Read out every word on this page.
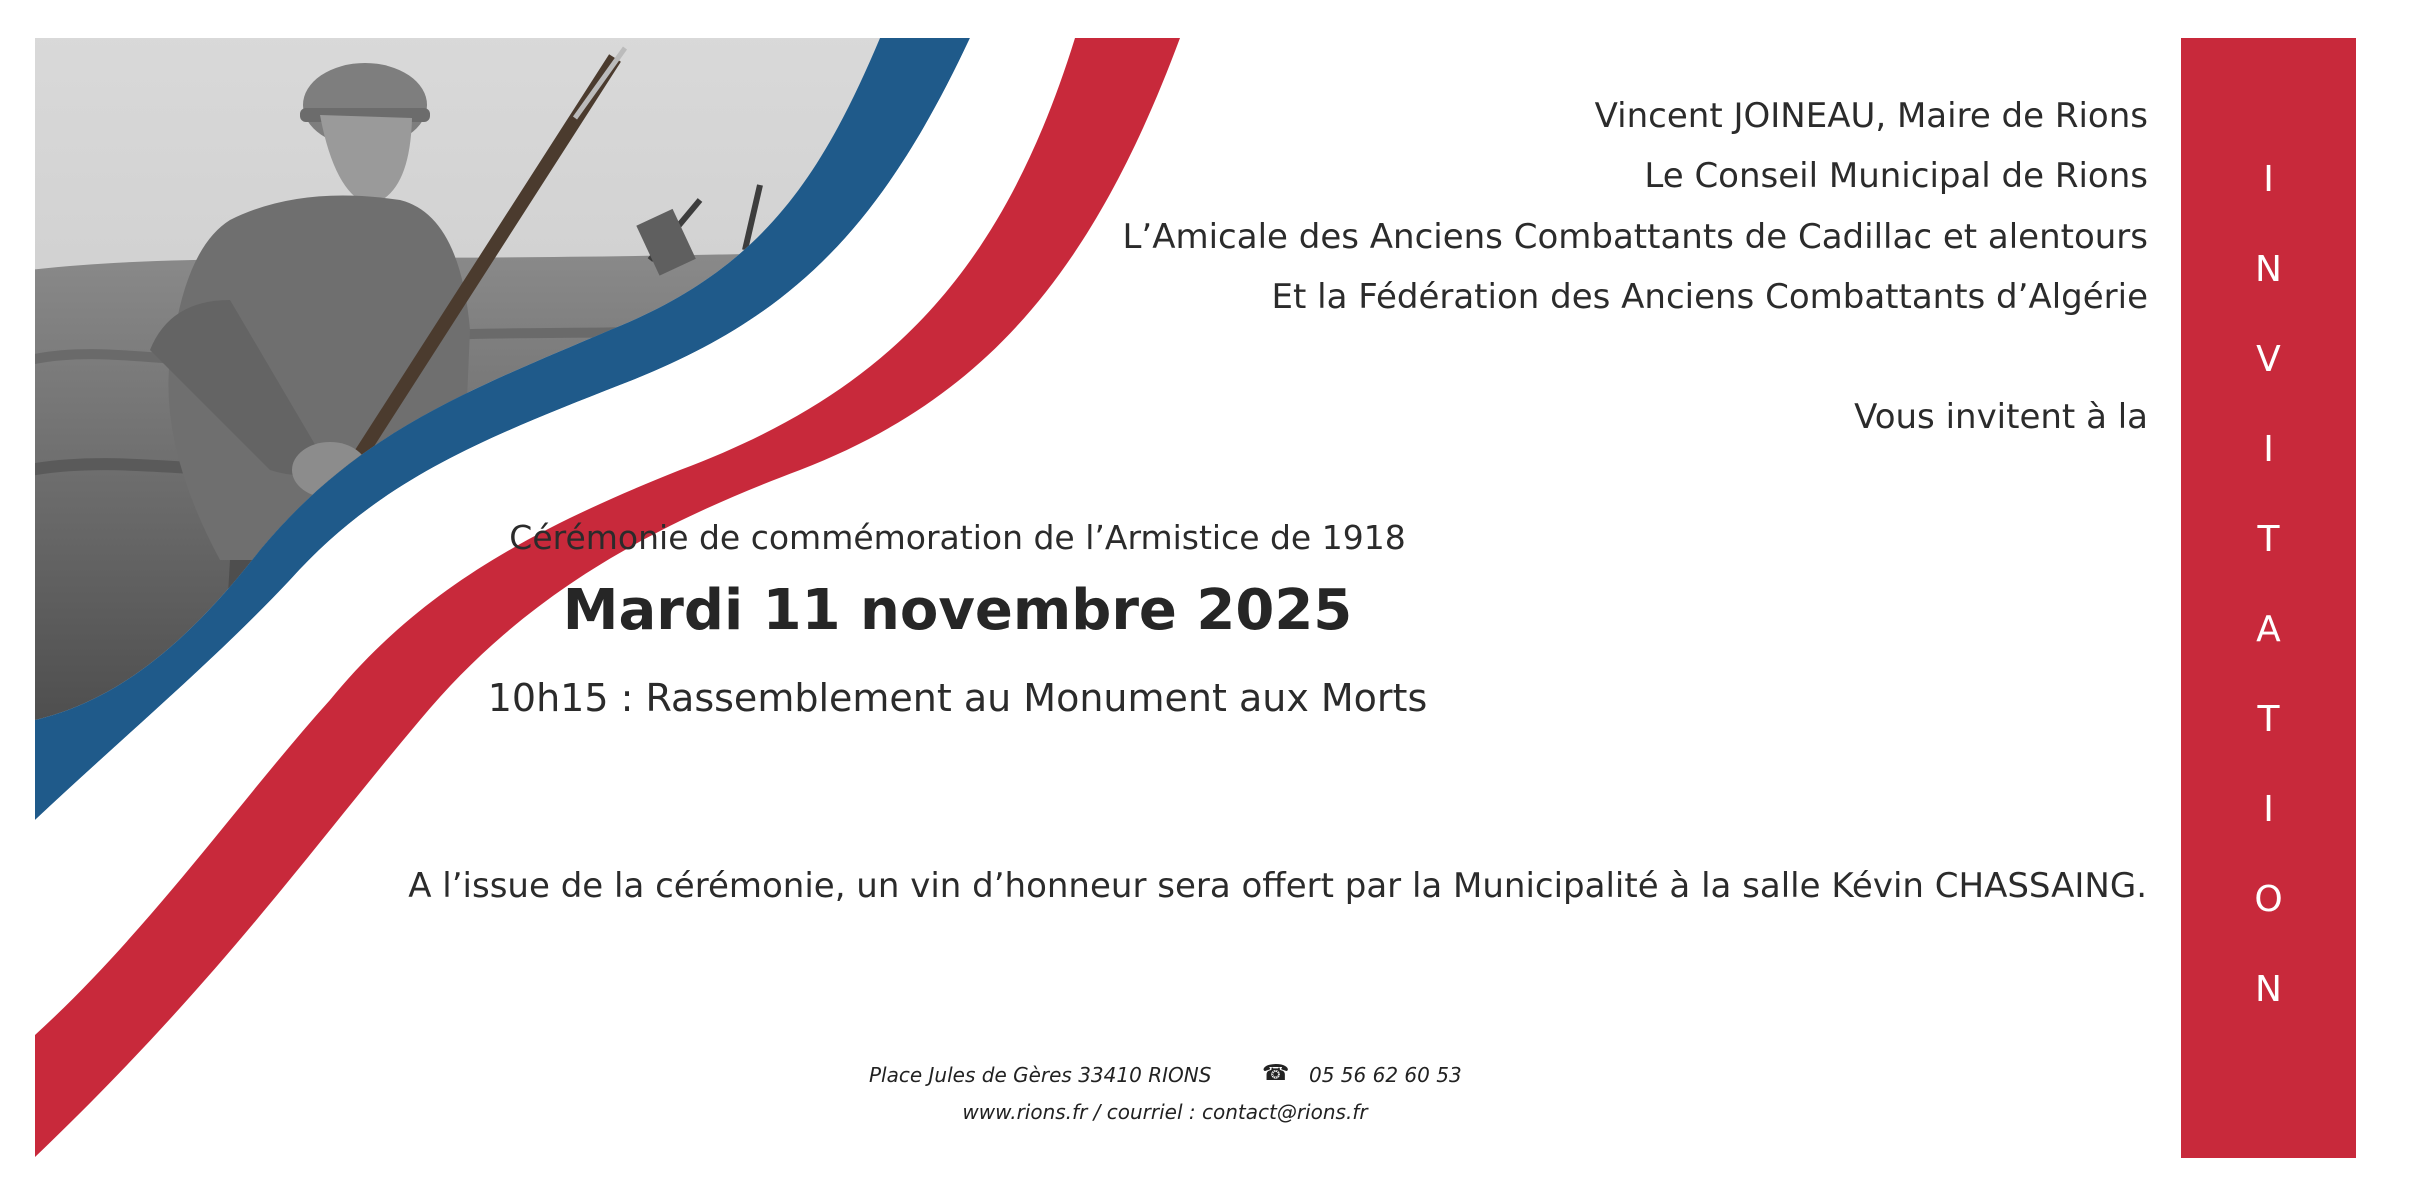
Vincent JOINEAU, Maire de Rions
Le Conseil Municipal de Rions
L’Amicale des Anciens Combattants de Cadillac et alentours
Et la Fédération des Anciens Combattants d’Algérie
Vous invitent à la
Cérémonie de commémoration de l’Armistice de 1918
Mardi 11 novembre 2025
10h15 : Rassemblement au Monument aux Morts
A l’issue de la cérémonie, un vin d’honneur sera offert par la Municipalité à la salle Kévin CHASSAING.
Place Jules de Gères 33410 RIONS ☎ 05 56 62 60 53
www.rions.fr / courriel : contact@rions.fr
I
N
V
I
T
A
T
I
O
N
